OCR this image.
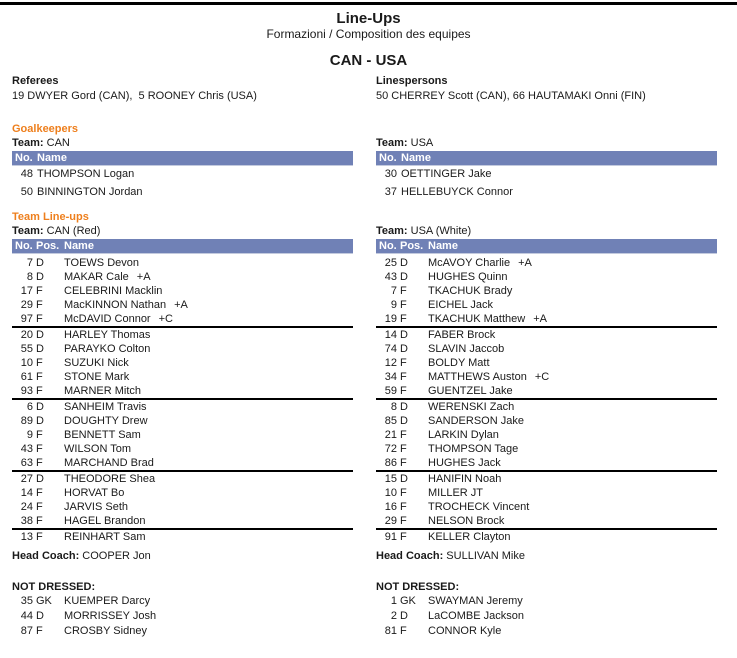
Line-Ups
Formazioni / Composition des equipes
CAN - USA
Referees
19 DWYER Gord (CAN),  5 ROONEY Chris (USA)
Linespersons
50 CHERREY Scott (CAN), 66 HAUTAMAKI Onni (FIN)
Goalkeepers
Team: CAN
No. Name
48 THOMPSON Logan
50 BINNINGTON Jordan
Team Line-ups
Team: CAN (Red)
No. Pos. Name
7 D	TOEWS Devon
8 D	MAKAR Cale +A
17 F	CELEBRINI Macklin
29 F	MacKINNON Nathan +A
97 F	McDAVID Connor +C
20 D	HARLEY Thomas
55 D	PARAYKO Colton
10 F	SUZUKI Nick
61 F	STONE Mark
93 F	MARNER Mitch
6 D	SANHEIM Travis
89 D	DOUGHTY Drew
9 F	BENNETT Sam
43 F	WILSON Tom
63 F	MARCHAND Brad
27 D	THEODORE Shea
14 F	HORVAT Bo
24 F	JARVIS Seth
38 F	HAGEL Brandon
13 F	REINHART Sam
Head Coach: COOPER Jon
NOT DRESSED:
35 GK	KUEMPER Darcy
44 D	MORRISSEY Josh
87 F	CROSBY Sidney
Team: USA
No. Name
30 OETTINGER Jake
37 HELLEBUYCK Connor
Team: USA (White)
No. Pos. Name
25 D	McAVOY Charlie +A
43 D	HUGHES Quinn
7 F	TKACHUK Brady
9 F	EICHEL Jack
19 F	TKACHUK Matthew +A
14 D	FABER Brock
74 D	SLAVIN Jaccob
12 F	BOLDY Matt
34 F	MATTHEWS Auston +C
59 F	GUENTZEL Jake
8 D	WERENSKI Zach
85 D	SANDERSON Jake
21 F	LARKIN Dylan
72 F	THOMPSON Tage
86 F	HUGHES Jack
15 D	HANIFIN Noah
10 F	MILLER JT
16 F	TROCHECK Vincent
29 F	NELSON Brock
91 F	KELLER Clayton
Head Coach: SULLIVAN Mike
NOT DRESSED:
1 GK	SWAYMAN Jeremy
2 D	LaCOMBE Jackson
81 F	CONNOR Kyle
